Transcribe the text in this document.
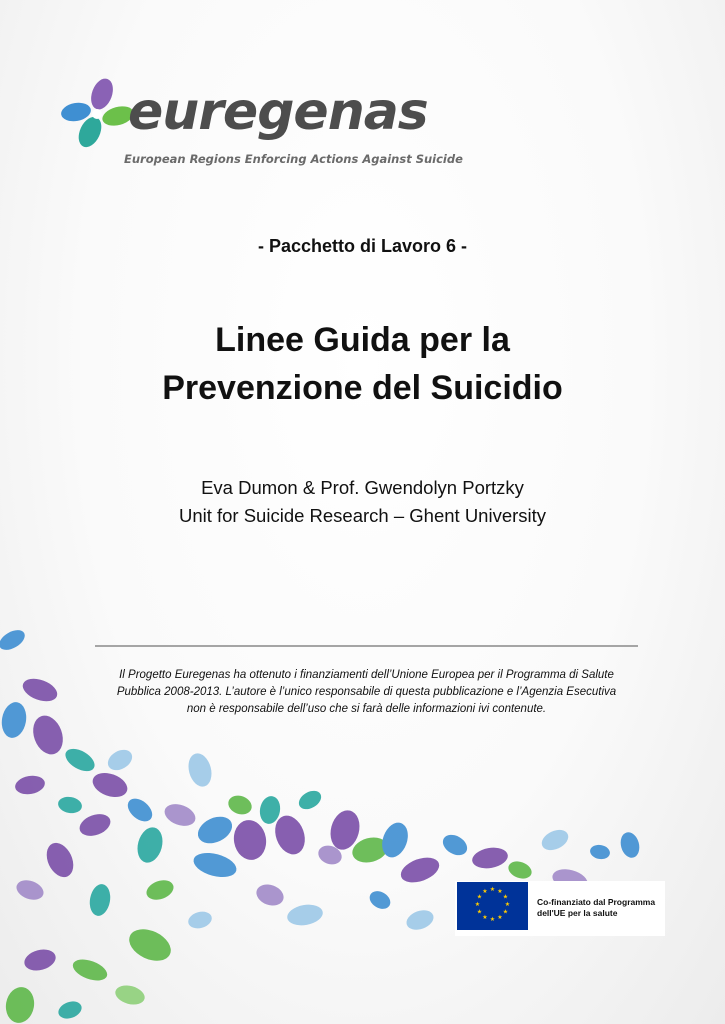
euregenas
European Regions Enforcing Actions Against Suicide
- Pacchetto di Lavoro 6 -
Linee Guida per la
Prevenzione del Suicidio
Eva Dumon & Prof. Gwendolyn Portzky
Unit for Suicide Research – Ghent University
Il Progetto Euregenas ha ottenuto i finanziamenti dell’Unione Europea per il Programma di Salute
Pubblica 2008-2013. L’autore è l’unico responsabile di questa pubblicazione e l’Agenzia Esecutiva
non è responsabile dell’uso che si farà delle informazioni ivi contenute.
★ ★
★
★
★
★
★
★
★
★
★
★
Co-finanziato dal Programma
dell'UE per la salute
